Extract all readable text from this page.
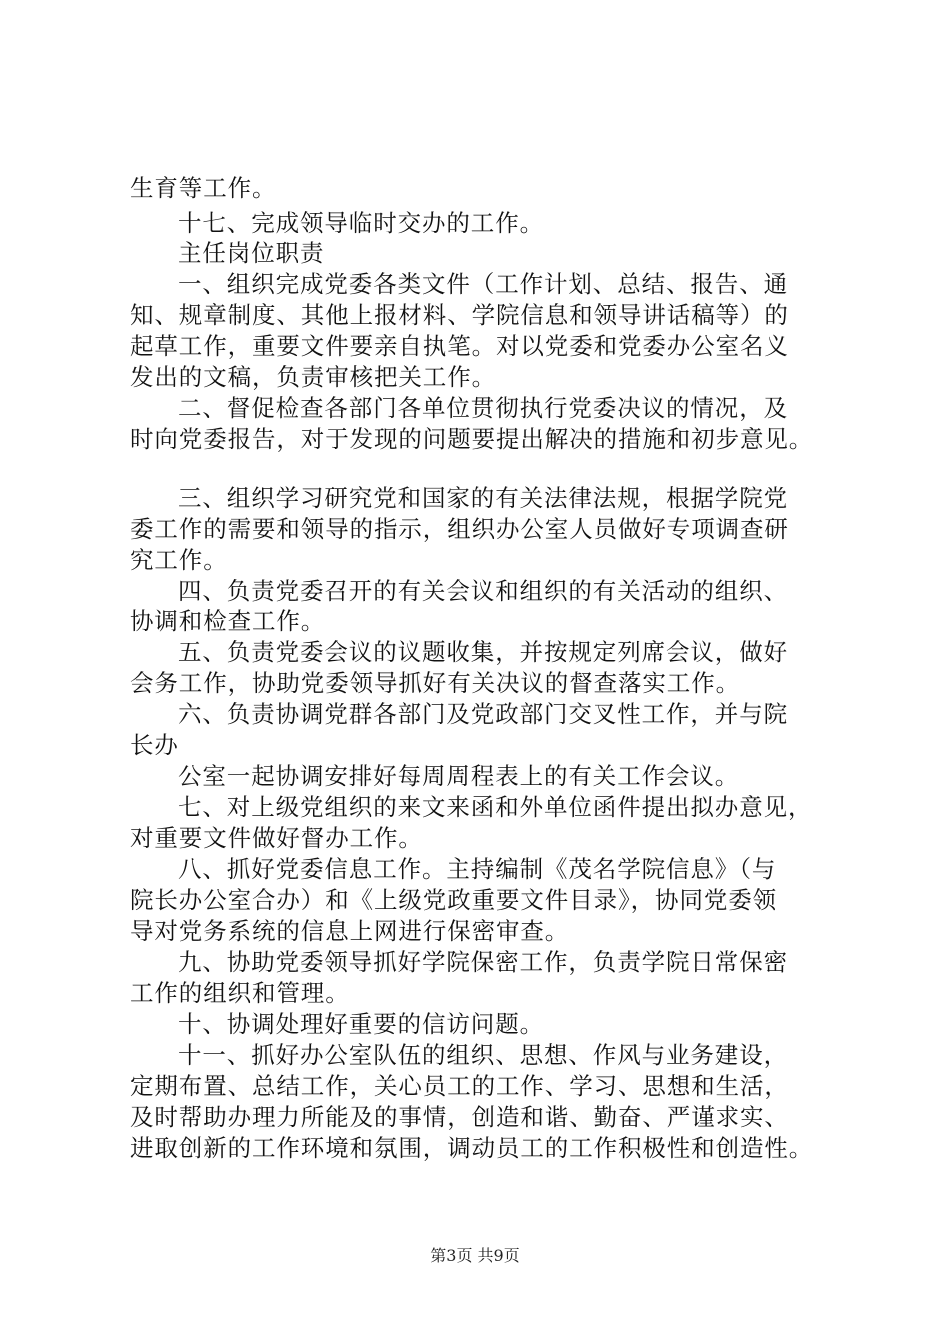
生育等工作。
十七、完成领导临时交办的工作。
主任岗位职责
一、组织完成党委各类文件（工作计划、总结、报告、通
知、规章制度、其他上报材料、学院信息和领导讲话稿等）的
起草工作，重要文件要亲自执笔。对以党委和党委办公室名义
发出的文稿，负责审核把关工作。
二、督促检查各部门各单位贯彻执行党委决议的情况，及
时向党委报告，对于发现的问题要提出解决的措施和初步意见。
三、组织学习研究党和国家的有关法律法规，根据学院党
委工作的需要和领导的指示，组织办公室人员做好专项调查研
究工作。
四、负责党委召开的有关会议和组织的有关活动的组织、
协调和检查工作。
五、负责党委会议的议题收集，并按规定列席会议，做好
会务工作，协助党委领导抓好有关决议的督查落实工作。
六、负责协调党群各部门及党政部门交叉性工作，并与院
长办
公室一起协调安排好每周周程表上的有关工作会议。
七、对上级党组织的来文来函和外单位函件提出拟办意见，
对重要文件做好督办工作。
八、抓好党委信息工作。主持编制《茂名学院信息》（与
院长办公室合办）和《上级党政重要文件目录》，协同党委领
导对党务系统的信息上网进行保密审查。
九、协助党委领导抓好学院保密工作，负责学院日常保密
工作的组织和管理。
十、协调处理好重要的信访问题。
十一、抓好办公室队伍的组织、思想、作风与业务建设，
定期布置、总结工作，关心员工的工作、学习、思想和生活，
及时帮助办理力所能及的事情，创造和谐、勤奋、严谨求实、
进取创新的工作环境和氛围，调动员工的工作积极性和创造性。
第3页 共9页
